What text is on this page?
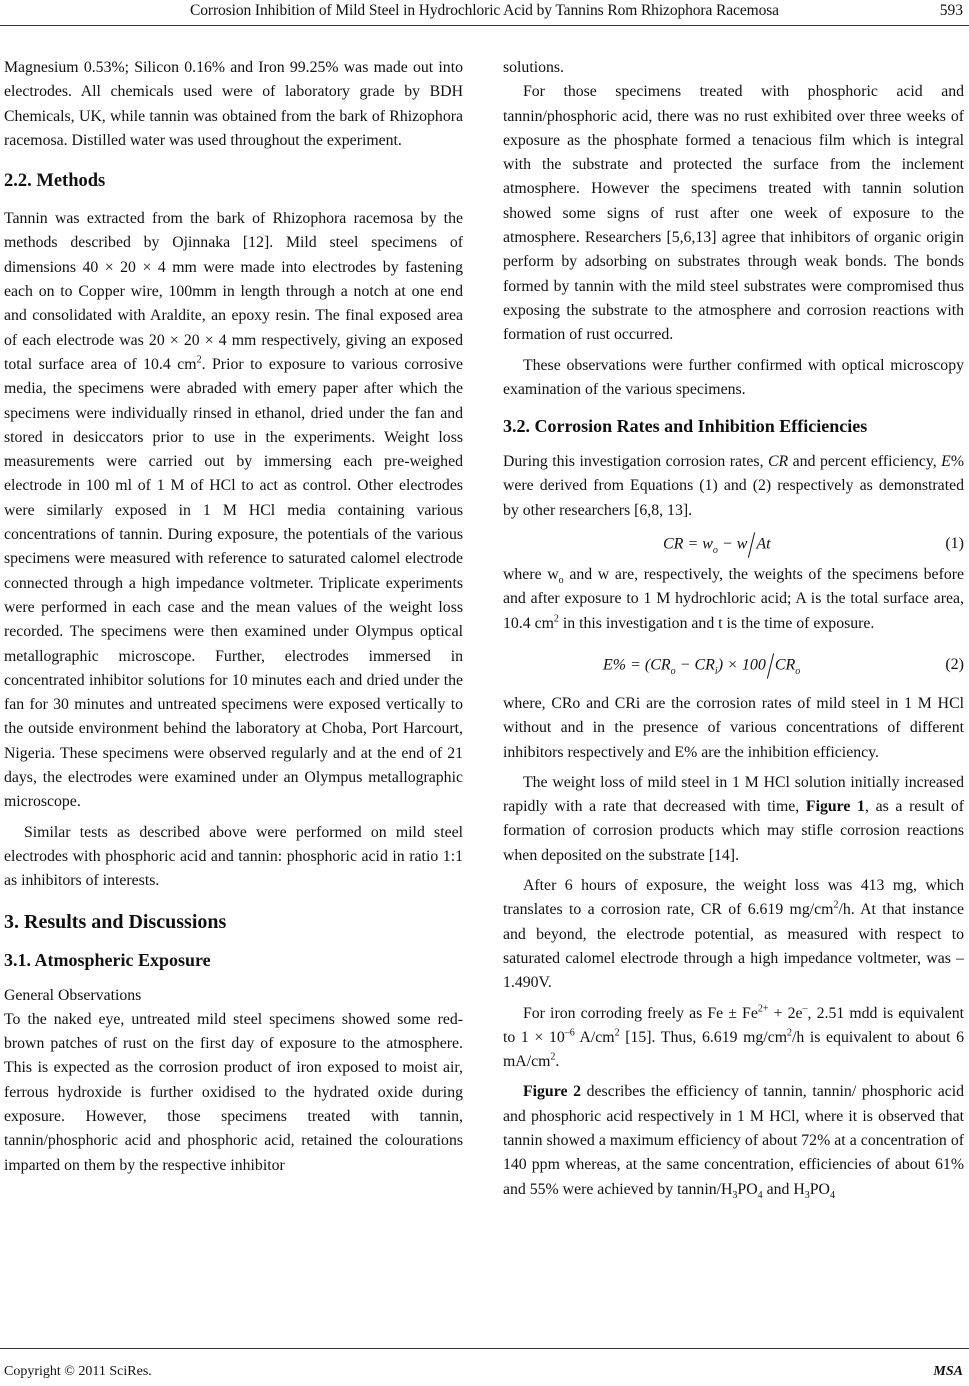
Corrosion Inhibition of Mild Steel in Hydrochloric Acid by Tannins Rom Rhizophora Racemosa	593

Magnesium 0.53%; Silicon 0.16% and Iron 99.25% was made out into electrodes. All chemicals used were of laboratory grade by BDH Chemicals, UK, while tannin was obtained from the bark of Rhizophora racemosa. Distilled water was used throughout the experiment.

2.2. Methods

Tannin was extracted from the bark of Rhizophora racemosa by the methods described by Ojinnaka [12]. Mild steel specimens of dimensions 40 × 20 × 4 mm were made into electrodes by fastening each on to Copper wire, 100mm in length through a notch at one end and consolidated with Araldite, an epoxy resin. The final exposed area of each electrode was 20 × 20 × 4 mm respectively, giving an exposed total surface area of 10.4 $cm^2$. Prior to exposure to various corrosive media, the specimens were abraded with emery paper after which the specimens were individually rinsed in ethanol, dried under the fan and stored in desiccators prior to use in the experiments. Weight loss measurements were carried out by immersing each pre-weighed electrode in 100 ml of 1 M of HCl to act as control. Other electrodes were similarly exposed in 1 M HCl media containing various concentrations of tannin. During exposure, the potentials of the various specimens were measured with reference to saturated calomel electrode connected through a high impedance voltmeter. Triplicate experiments were performed in each case and the mean values of the weight loss recorded. The specimens were then examined under Olympus optical metallographic microscope. Further, electrodes immersed in concentrated inhibitor solutions for 10 minutes each and dried under the fan for 30 minutes and untreated specimens were exposed vertically to the outside environment behind the laboratory at Choba, Port Harcourt, Nigeria. These specimens were observed regularly and at the end of 21 days, the electrodes were examined under an Olympus metallographic microscope.

Similar tests as described above were performed on mild steel electrodes with phosphoric acid and tannin: phosphoric acid in ratio 1:1 as inhibitors of interests.

3. Results and Discussions
3.1. Atmospheric Exposure

General Observations

To the naked eye, untreated mild steel specimens showed some red-brown patches of rust on the first day of exposure to the atmosphere. This is expected as the corrosion product of iron exposed to moist air, ferrous hydroxide is further oxidised to the hydrated oxide during exposure. However, those specimens treated with tannin, tannin/phosphoric acid and phosphoric acid, retained the colourations imparted on them by the respective inhibitor

solutions.

For those specimens treated with phosphoric acid and tannin/phosphoric acid, there was no rust exhibited over three weeks of exposure as the phosphate formed a tenacious film which is integral with the substrate and protected the surface from the inclement atmosphere. However the specimens treated with tannin solution showed some signs of rust after one week of exposure to the atmosphere. Researchers [5,6,13] agree that inhibitors of organic origin perform by adsorbing on substrates through weak bonds. The bonds formed by tannin with the mild steel substrates were compromised thus exposing the substrate to the atmosphere and corrosion reactions with formation of rust occurred.

These observations were further confirmed with optical microscopy examination of the various specimens.

3.2. Corrosion Rates and Inhibition Efficiencies

During this investigation corrosion rates, CR and percent efficiency, E% were derived from Equations (1) and (2) respectively as demonstrated by other researchers [6,8, 13].

CR = $w_o - w$ At	(1)

where $w_o$ and w are, respectively, the weights of the specimens before and after exposure to 1 M hydrochloric acid; A is the total surface area, 10.4 $cm^2$ in this investigation and t is the time of exposure.

$E\% = (CR_o - CR_i) \times 100$ $CR_o$	(2)

where, CRo and CRi are the corrosion rates of mild steel in 1 M HCl without and in the presence of various concentrations of different inhibitors respectively and E% are the inhibition efficiency.

The weight loss of mild steel in 1 M HCl solution initially increased rapidly with a rate that decreased with time, Figure 1, as a result of formation of corrosion products which may stifle corrosion reactions when deposited on the substrate [14].

After 6 hours of exposure, the weight loss was 413 mg, which translates to a corrosion rate, CR of 6.619 $mg/cm^2/h$. At that instance and beyond, the electrode potential, as measured with respect to saturated calomel electrode through a high impedance voltmeter, was –1.490V.

For iron corroding freely as $Fe \pm Fe^{2+} + 2e^-$, 2.51 mdd is equivalent to $1 \times 10^{-6}$ $A/cm^2$ [15]. Thus, 6.619 $mg/cm^2/h$ is equivalent to about 6 $mA/cm^2$.

Figure 2 describes the efficiency of tannin, tannin/ phosphoric acid and phosphoric acid respectively in 1 M HCl, where it is observed that tannin showed a maximum efficiency of about 72% at a concentration of 140 ppm whereas, at the same concentration, efficiencies of about 61% and 55% were achieved by tannin/$H_3PO_4$ and $H_3PO_4$

Copyright © 2011 SciRes.	MSA
